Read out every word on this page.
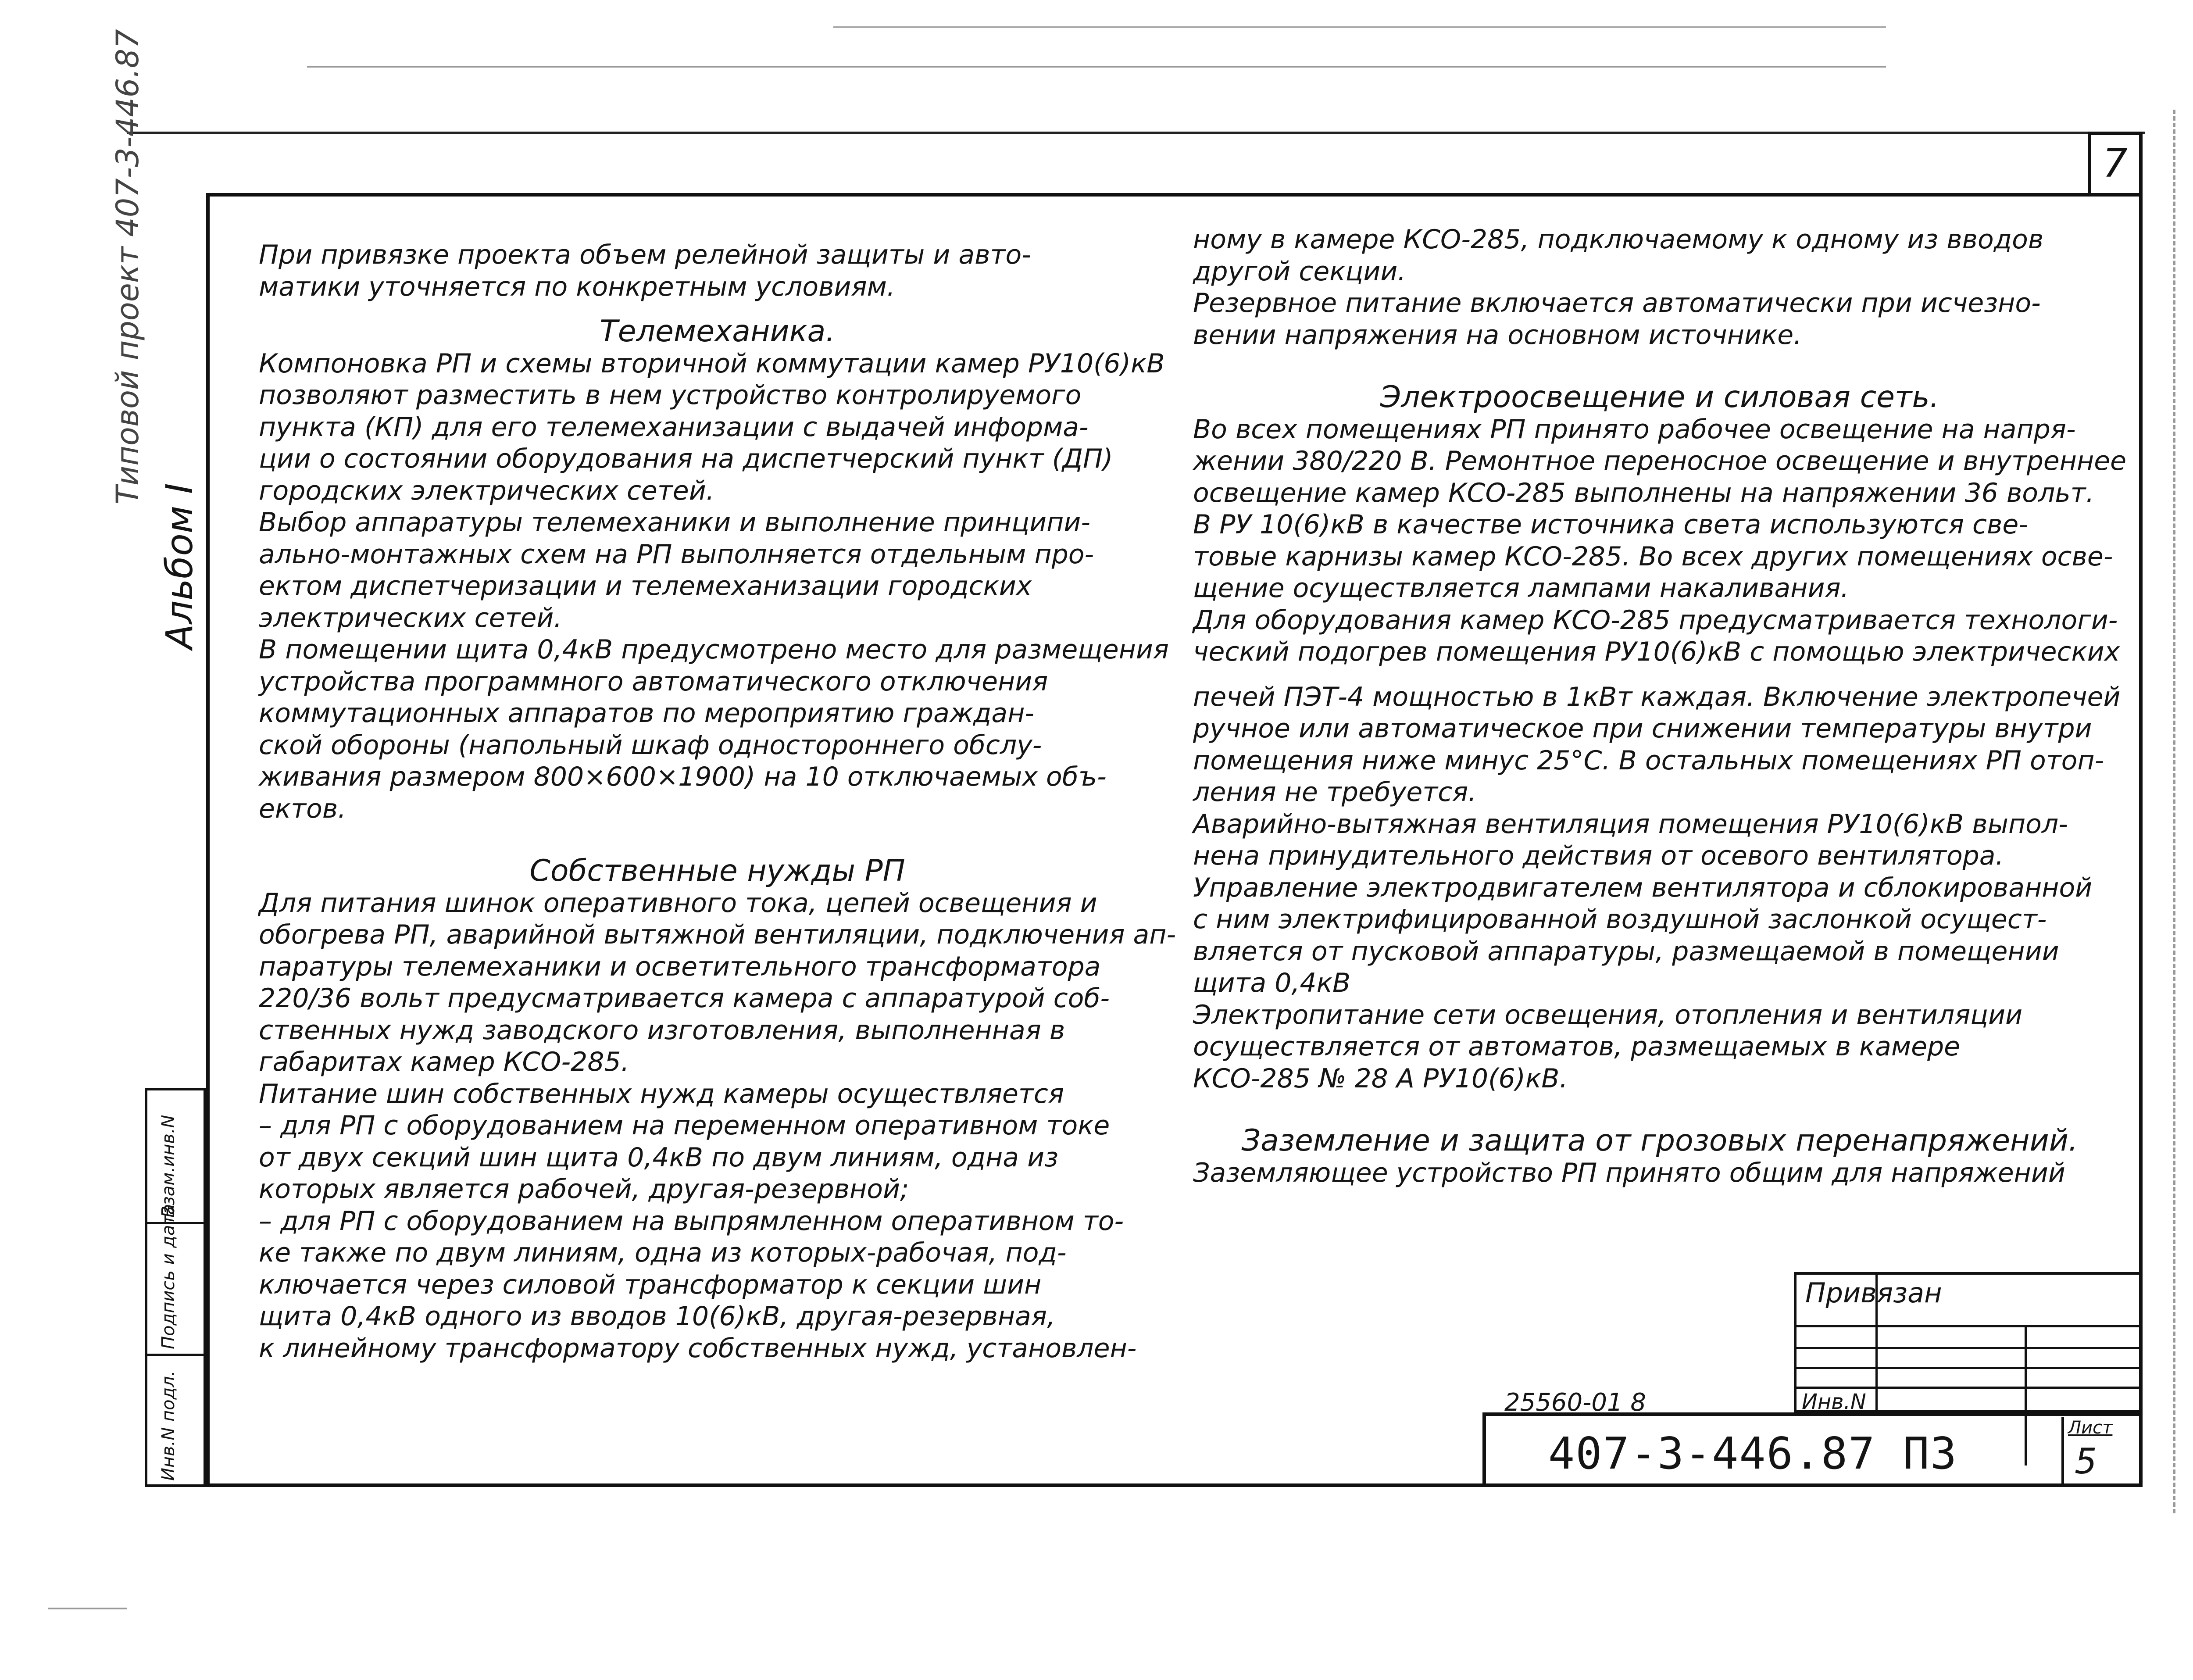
7
Типовой проект 407-3-446.87
Альбом I
Инв.N подл.
Подпись и дата
Взам.инв.N

При привязке проекта объем релейной защиты и авто-

матики уточняется по конкретным условиям.

Телемеханика.

Компоновка РП и схемы вторичной коммутации камер РУ10(6)кВ

позволяют разместить в нем устройство контролируемого

пункта (КП) для его телемеханизации с выдачей информа-

ции о состоянии оборудования на диспетчерский пункт (ДП)

городских электрических сетей.

Выбор аппаратуры телемеханики и выполнение принципи-

ально-монтажных схем на РП выполняется отдельным про-

ектом диспетчеризации и телемеханизации городских

электрических сетей.

В помещении щита 0,4кВ предусмотрено место для размещения

устройства программного автоматического отключения

коммутационных аппаратов по мероприятию граждан-

ской обороны (напольный шкаф одностороннего обслу-

живания размером 800×600×1900) на 10 отключаемых объ-

ектов.

Собственные нужды РП

Для питания шинок оперативного тока, цепей освещения и

обогрева РП, аварийной вытяжной вентиляции, подключения ап-

паратуры телемеханики и осветительного трансформатора

220/36 вольт предусматривается камера с аппаратурой соб-

ственных нужд заводского изготовления, выполненная в

габаритах камер КСО-285.

Питание шин собственных нужд камеры осуществляется

– для РП с оборудованием на переменном оперативном токе

от двух секций шин щита 0,4кВ по двум линиям, одна из

которых является рабочей, другая-резервной;

– для РП с оборудованием на выпрямленном оперативном то-

ке также по двум линиям, одна из которых-рабочая, под-

ключается через силовой трансформатор к секции шин

щита 0,4кВ одного из вводов 10(6)кВ, другая-резервная,

к линейному трансформатору собственных нужд, установлен-

ному в камере КСО-285, подключаемому к одному из вводов

другой секции.

Резервное питание включается автоматически при исчезно-

вении напряжения на основном источнике.

Электроосвещение и силовая сеть.

Во всех помещениях РП принято рабочее освещение на напря-

жении 380/220 В. Ремонтное переносное освещение и внутреннее

освещение камер КСО-285 выполнены на напряжении 36 вольт.

В РУ 10(6)кВ в качестве источника света используются све-

товые карнизы камер КСО-285. Во всех других помещениях осве-

щение осуществляется лампами накаливания.

Для оборудования камер КСО-285 предусматривается технологи-

ческий подогрев помещения РУ10(6)кВ с помощью электрических

печей ПЭТ-4 мощностью в 1кВт каждая. Включение электропечей

ручное или автоматическое при снижении температуры внутри

помещения ниже минус 25°С. В остальных помещениях РП отоп-

ления не требуется.

Аварийно-вытяжная вентиляция помещения РУ10(6)кВ выпол-

нена принудительного действия от осевого вентилятора.

Управление электродвигателем вентилятора и сблокированной

с ним электрифицированной воздушной заслонкой осущест-

вляется от пусковой аппаратуры, размещаемой в помещении

щита 0,4кВ

Электропитание сети освещения, отопления и вентиляции

осуществляется от автоматов, размещаемых в камере

КСО-285 № 28 А РУ10(6)кВ.

Заземление и защита от грозовых перенапряжений.

Заземляющее устройство РП принято общим для напряжений

Привязан
Инв.N
25560-01 8
407-3-446.87 ПЗ	Лист
5
